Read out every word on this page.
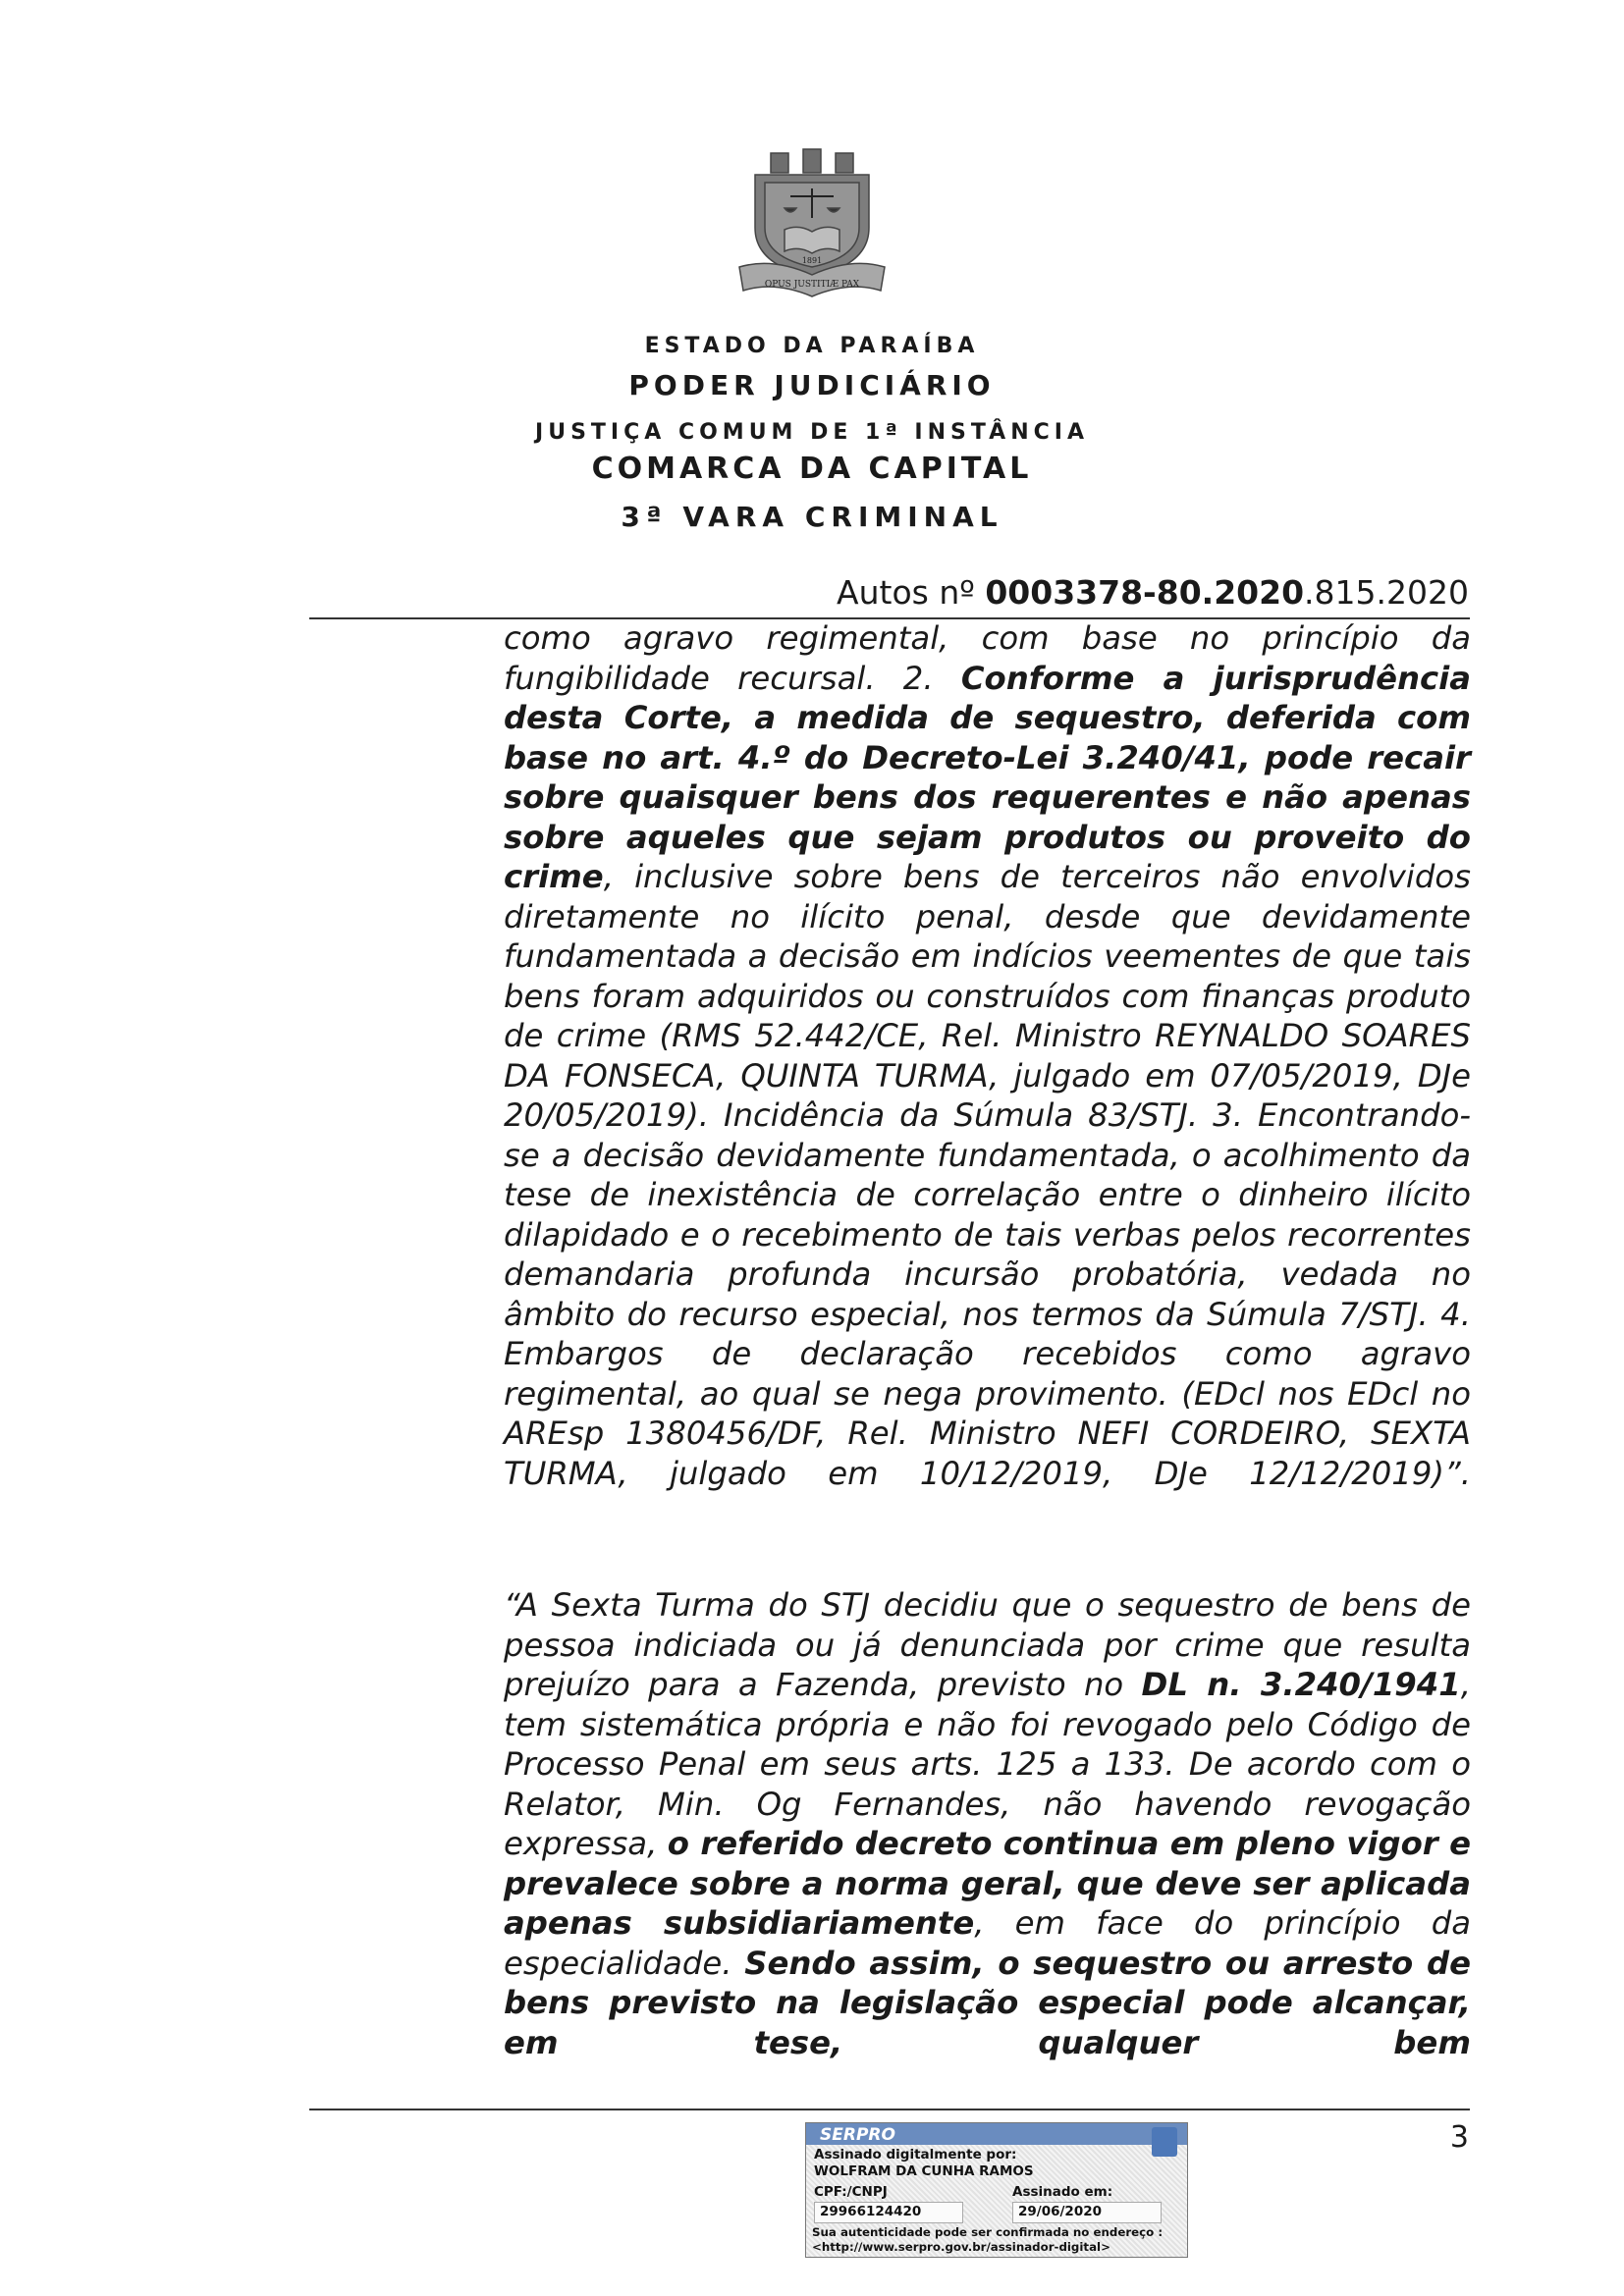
1891
OPUS JUSTITIÆ PAX
ESTADO DA PARAÍBA
PODER JUDICIÁRIO
JUSTIÇA COMUM DE 1ª INSTÂNCIA
COMARCA DA CAPITAL
3ª VARA CRIMINAL
Autos nº 0003378-80.2020.815.2020

como agravo regimental, com base no princípio da fungibilidade recursal. 2. Conforme a jurisprudência desta Corte, a medida de sequestro, deferida com base no art. 4.º do Decreto-Lei 3.240/41, pode recair sobre quaisquer bens dos requerentes e não apenas sobre aqueles que sejam produtos ou proveito do crime, inclusive sobre bens de terceiros não envolvidos diretamente no ilícito penal, desde que devidamente fundamentada a decisão em indícios veementes de que tais bens foram adquiridos ou construídos com finanças produto de crime (RMS 52.442/CE, Rel. Ministro REYNALDO SOARES DA FONSECA, QUINTA TURMA, julgado em 07/05/2019, DJe 20/05/2019). Incidência da Súmula 83/STJ. 3. Encontrando-se a decisão devidamente fundamentada, o acolhimento da tese de inexistência de correlação entre o dinheiro ilícito dilapidado e o recebimento de tais verbas pelos recorrentes demandaria profunda incursão probatória, vedada no âmbito do recurso especial, nos termos da Súmula 7/STJ. 4. Embargos de declaração recebidos como agravo regimental, ao qual se nega provimento. (EDcl nos EDcl no AREsp 1380456/DF, Rel. Ministro NEFI CORDEIRO, SEXTA TURMA, julgado em 10/12/2019, DJe 12/12/2019)”.

“A Sexta Turma do STJ decidiu que o sequestro de bens de pessoa indiciada ou já denunciada por crime que resulta prejuízo para a Fazenda, previsto no DL n. 3.240/1941, tem sistemática própria e não foi revogado pelo Código de Processo Penal em seus arts. 125 a 133. De acordo com o Relator, Min. Og Fernandes, não havendo revogação expressa, o referido decreto continua em pleno vigor e prevalece sobre a norma geral, que deve ser aplicada apenas subsidiariamente, em face do princípio da especialidade. Sendo assim, o sequestro ou arresto de bens previsto na legislação especial pode alcançar, em tese, qualquer bem

3
SERPRO
Assinado digitalmente por:
WOLFRAM DA CUNHA RAMOS
CPF:/CNPJ	Assinado em:
29966124420	29/06/2020
Sua autenticidade pode ser confirmada no endereço :
<http://www.serpro.gov.br/assinador-digital>
